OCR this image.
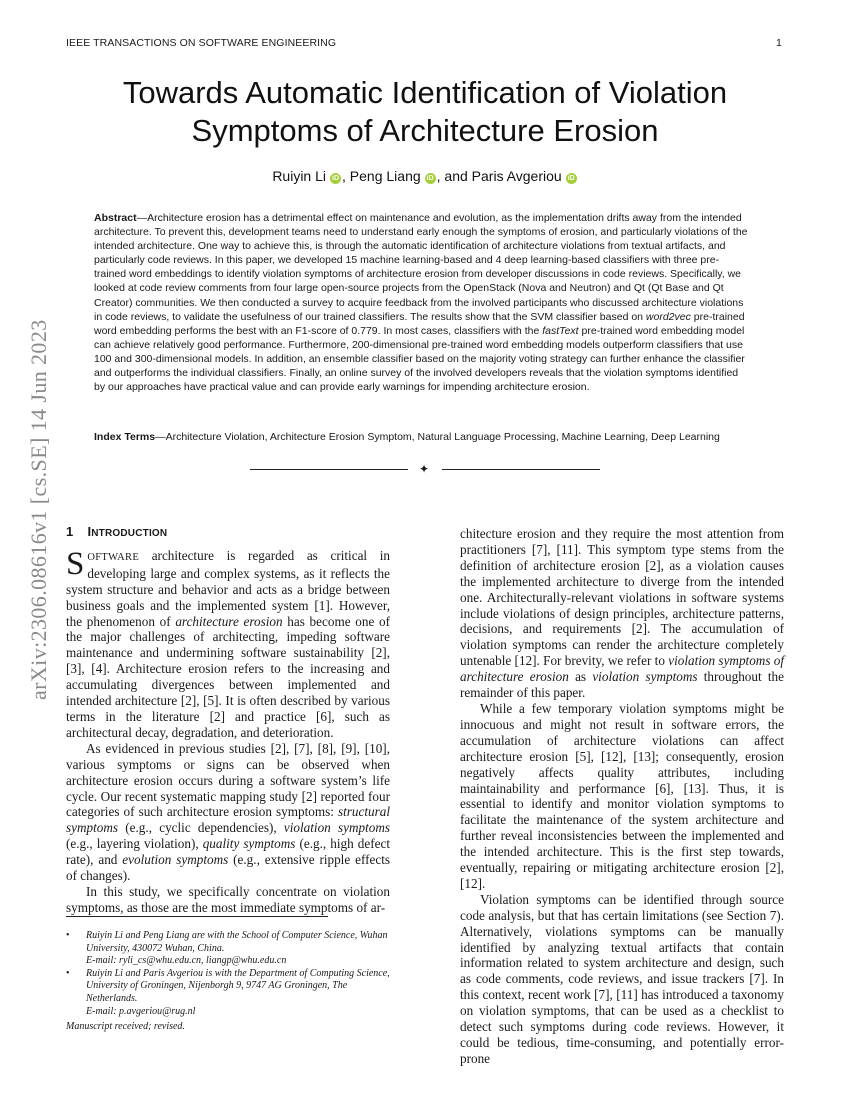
IEEE TRANSACTIONS ON SOFTWARE ENGINEERING	1
arXiv:2306.08616v1 [cs.SE] 14 Jun 2023
Towards Automatic Identification of Violation
Symptoms of Architecture Erosion
Ruiyin Li iD , Peng Liang iD , and Paris Avgeriou iD
Abstract—Architecture erosion has a detrimental effect on maintenance and evolution, as the implementation drifts away from the intended architecture. To prevent this, development teams need to understand early enough the symptoms of erosion, and particularly violations of the intended architecture. One way to achieve this, is through the automatic identification of architecture violations from textual artifacts, and particularly code reviews. In this paper, we developed 15 machine learning-based and 4 deep learning-based classifiers with three pre-trained word embeddings to identify violation symptoms of architecture erosion from developer discussions in code reviews. Specifically, we looked at code review comments from four large open-source projects from the OpenStack (Nova and Neutron) and Qt (Qt Base and Qt Creator) communities. We then conducted a survey to acquire feedback from the involved participants who discussed architecture violations in code reviews, to validate the usefulness of our trained classifiers. The results show that the SVM classifier based on word2vec pre-trained word embedding performs the best with an F1-score of 0.779. In most cases, classifiers with the fastText pre-trained word embedding model can achieve relatively good performance. Furthermore, 200-dimensional pre-trained word embedding models outperform classifiers that use 100 and 300-dimensional models. In addition, an ensemble classifier based on the majority voting strategy can further enhance the classifier and outperforms the individual classifiers. Finally, an online survey of the involved developers reveals that the violation symptoms identified by our approaches have practical value and can provide early warnings for impending architecture erosion.
Index Terms—Architecture Violation, Architecture Erosion Symptom, Natural Language Processing, Machine Learning, Deep Learning
✦
1 INTRODUCTION

SOFTWARE architecture is regarded as critical in developing large and complex systems, as it reflects the system structure and behavior and acts as a bridge between business goals and the implemented system [1]. However, the phenomenon of architecture erosion has become one of the major challenges of architecting, impeding software maintenance and undermining software sustainability [2], [3], [4]. Architecture erosion refers to the increasing and accumulating divergences between implemented and intended architecture [2], [5]. It is often described by various terms in the literature [2] and practice [6], such as architectural decay, degradation, and deterioration.

As evidenced in previous studies [2], [7], [8], [9], [10], various symptoms or signs can be observed when architecture erosion occurs during a software system’s life cycle. Our recent systematic mapping study [2] reported four categories of such architecture erosion symptoms: structural symptoms (e.g., cyclic dependencies), violation symptoms (e.g., layering violation), quality symptoms (e.g., high defect rate), and evolution symptoms (e.g., extensive ripple effects of changes).

In this study, we specifically concentrate on violation symptoms, as those are the most immediate symptoms of ar-

• Ruiyin Li and Peng Liang are with the School of Computer Science, Wuhan University, 430072 Wuhan, China.
E-mail: ryli_cs@whu.edu.cn, liangp@whu.edu.cn
• Ruiyin Li and Paris Avgeriou is with the Department of Computing Science, University of Groningen, Nijenborgh 9, 9747 AG Groningen, The Netherlands.
E-mail: p.avgeriou@rug.nl
Manuscript received; revised.

chitecture erosion and they require the most attention from practitioners [7], [11]. This symptom type stems from the definition of architecture erosion [2], as a violation causes the implemented architecture to diverge from the intended one. Architecturally-relevant violations in software systems include violations of design principles, architecture patterns, decisions, and requirements [2]. The accumulation of violation symptoms can render the architecture completely untenable [12]. For brevity, we refer to violation symptoms of architecture erosion as violation symptoms throughout the remainder of this paper.

While a few temporary violation symptoms might be innocuous and might not result in software errors, the accumulation of architecture violations can affect architecture erosion [5], [12], [13]; consequently, erosion negatively affects quality attributes, including maintainability and performance [6], [13]. Thus, it is essential to identify and monitor violation symptoms to facilitate the maintenance of the system architecture and further reveal inconsistencies between the implemented and the intended architecture. This is the first step towards, eventually, repairing or mitigating architecture erosion [2], [12].

Violation symptoms can be identified through source code analysis, but that has certain limitations (see Section 7). Alternatively, violations symptoms can be manually identified by analyzing textual artifacts that contain information related to system architecture and design, such as code comments, code reviews, and issue trackers [7]. In this context, recent work [7], [11] has introduced a taxonomy on violation symptoms, that can be used as a checklist to detect such symptoms during code reviews. However, it could be tedious, time-consuming, and potentially error-prone
